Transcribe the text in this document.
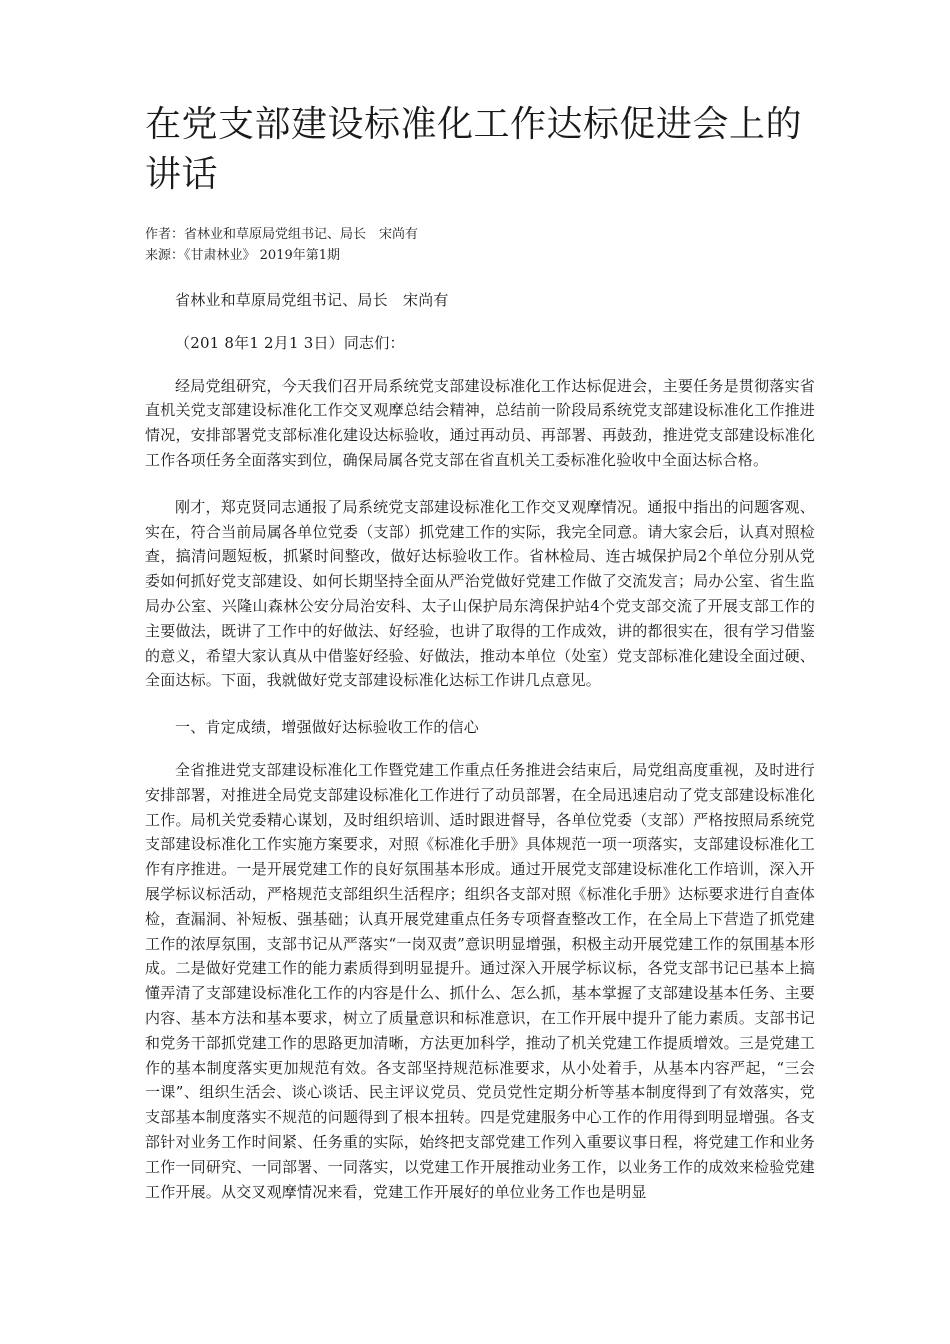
在党支部建设标准化工作达标促进会上的讲话
作者：省林业和草原局党组书记、局长　宋尚有
来源：《甘肃林业》 2019年第1期

省林业和草原局党组书记、局长　宋尚有

（201 8年1 2月1 3日）同志们：

经局党组研究，今天我们召开局系统党支部建设标准化工作达标促进会，主要任务是贯彻落实省直机关党支部建设标准化工作交叉观摩总结会精神，总结前一阶段局系统党支部建设标准化工作推进情况，安排部署党支部标准化建设达标验收，通过再动员、再部署、再鼓劲，推进党支部建设标准化工作各项任务全面落实到位，确保局属各党支部在省直机关工委标准化验收中全面达标合格。

刚才，郑克贤同志通报了局系统党支部建设标准化工作交叉观摩情况。通报中指出的问题客观、实在，符合当前局属各单位党委（支部）抓党建工作的实际，我完全同意。请大家会后，认真对照检查，搞清问题短板，抓紧时间整改，做好达标验收工作。省林检局、连古城保护局2个单位分别从党委如何抓好党支部建设、如何长期坚持全面从严治党做好党建工作做了交流发言；局办公室、省生监局办公室、兴隆山森林公安分局治安科、太子山保护局东湾保护站4个党支部交流了开展支部工作的主要做法，既讲了工作中的好做法、好经验，也讲了取得的工作成效，讲的都很实在，很有学习借鉴的意义，希望大家认真从中借鉴好经验、好做法，推动本单位（处室）党支部标准化建设全面过硬、全面达标。下面，我就做好党支部建设标准化达标工作讲几点意见。

一、肯定成绩，增强做好达标验收工作的信心

全省推进党支部建设标准化工作暨党建工作重点任务推进会结束后，局党组高度重视，及时进行安排部署，对推进全局党支部建设标准化工作进行了动员部署，在全局迅速启动了党支部建设标准化工作。局机关党委精心谋划，及时组织培训、适时跟进督导，各单位党委（支部）严格按照局系统党支部建设标准化工作实施方案要求，对照《标准化手册》具体规范一项一项落实，支部建设标准化工作有序推进。一是开展党建工作的良好氛围基本形成。通过开展党支部建设标准化工作培训，深入开展学标议标活动，严格规范支部组织生活程序；组织各支部对照《标准化手册》达标要求进行自查体检，查漏洞、补短板、强基础；认真开展党建重点任务专项督查整改工作，在全局上下营造了抓党建工作的浓厚氛围，支部书记从严落实“一岗双责”意识明显增强，积极主动开展党建工作的氛围基本形成。二是做好党建工作的能力素质得到明显提升。通过深入开展学标议标，各党支部书记已基本上搞懂弄清了支部建设标准化工作的内容是什么、抓什么、怎么抓，基本掌握了支部建设基本任务、主要内容、基本方法和基本要求，树立了质量意识和标准意识，在工作开展中提升了能力素质。支部书记和党务干部抓党建工作的思路更加清晰，方法更加科学，推动了机关党建工作提质增效。三是党建工作的基本制度落实更加规范有效。各支部坚持规范标准要求，从小处着手，从基本内容严起，“三会一课”、组织生活会、谈心谈话、民主评议党员、党员党性定期分析等基本制度得到了有效落实，党支部基本制度落实不规范的问题得到了根本扭转。四是党建服务中心工作的作用得到明显增强。各支部针对业务工作时间紧、任务重的实际，始终把支部党建工作列入重要议事日程，将党建工作和业务工作一同研究、一同部署、一同落实，以党建工作开展推动业务工作，以业务工作的成效来检验党建工作开展。从交叉观摩情况来看，党建工作开展好的单位业务工作也是明显
